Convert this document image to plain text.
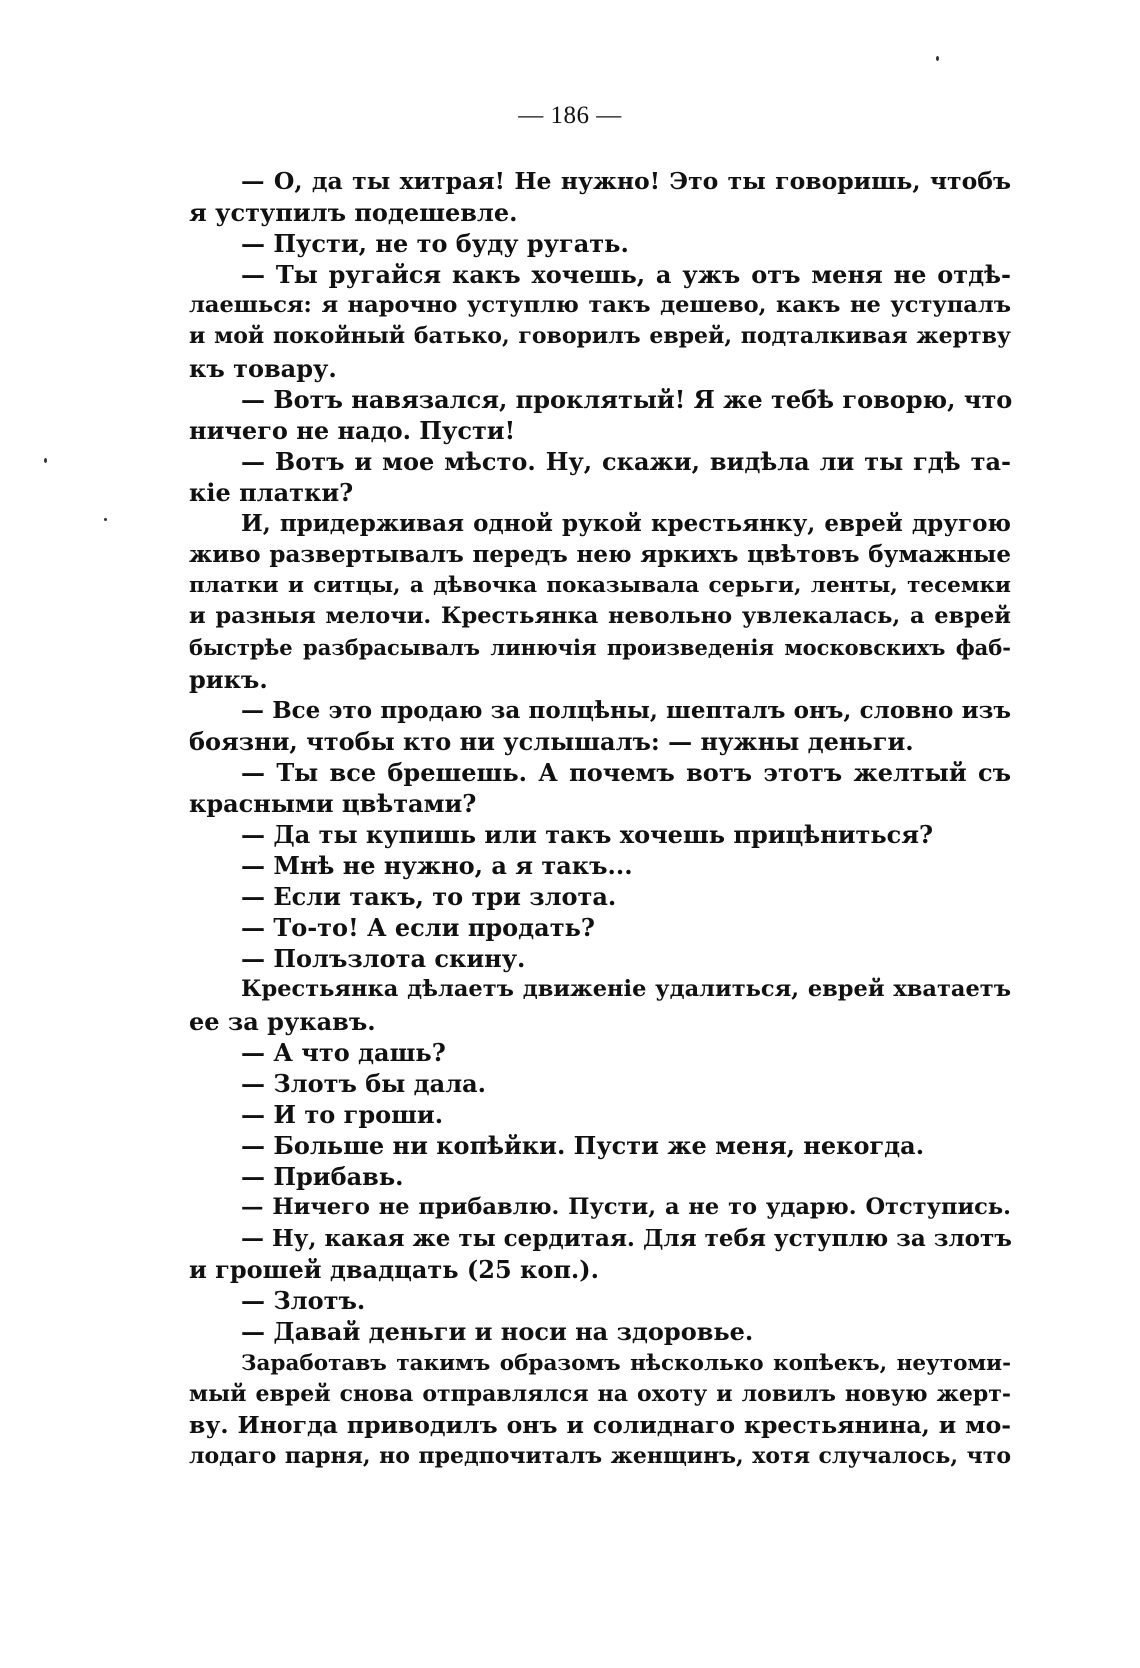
— 186 —
— О, да ты хитрая! Не нужно! Это ты говоришь, чтобъ
я уступилъ подешевле.
— Пусти, не то буду ругать.
— Ты ругайся какъ хочешь, а ужъ отъ меня не отдѣ-
лаешься: я нарочно уступлю такъ дешево, какъ не уступалъ
и мой покойный батько, говорилъ еврей, подталкивая жертву
къ товару.
— Вотъ навязался, проклятый! Я же тебѣ говорю, что
ничего не надо. Пусти!
— Вотъ и мое мѣсто. Ну, скажи, видѣла ли ты гдѣ та-
кіе платки?
И, придерживая одной рукой крестьянку, еврей другою
живо развертывалъ передъ нею яркихъ цвѣтовъ бумажные
платки и ситцы, а дѣвочка показывала серьги, ленты, тесемки
и разныя мелочи. Крестьянка невольно увлекалась, а еврей
быстрѣе разбрасывалъ линючія произведенія московскихъ фаб-
рикъ.
— Все это продаю за полцѣны, шепталъ онъ, словно изъ
боязни, чтобы кто ни услышалъ: — нужны деньги.
— Ты все брешешь. А почемъ вотъ этотъ желтый съ
красными цвѣтами?
— Да ты купишь или такъ хочешь прицѣниться?
— Мнѣ не нужно, а я такъ...
— Если такъ, то три злота.
— То-то! А если продать?
— Полъзлота скину.
Крестьянка дѣлаетъ движенiе удалиться, еврей хватаетъ
ее за рукавъ.
— А что дашь?
— Злотъ бы дала.
— И то гроши.
— Больше ни копѣйки. Пусти же меня, некогда.
— Прибавь.
— Ничего не прибавлю. Пусти, а не то ударю. Отступись.
— Ну, какая же ты сердитая. Для тебя уступлю за злотъ
и грошей двадцать (25 коп.).
— Злотъ.
— Давай деньги и носи на здоровье.
Заработавъ такимъ образомъ нѣсколько копѣекъ, неутоми-
мый еврей снова отправлялся на охоту и ловилъ новую жерт-
ву. Иногда приводилъ онъ и солиднаго крестьянина, и мо-
лодаго парня, но предпочиталъ женщинъ, хотя случалось, что
